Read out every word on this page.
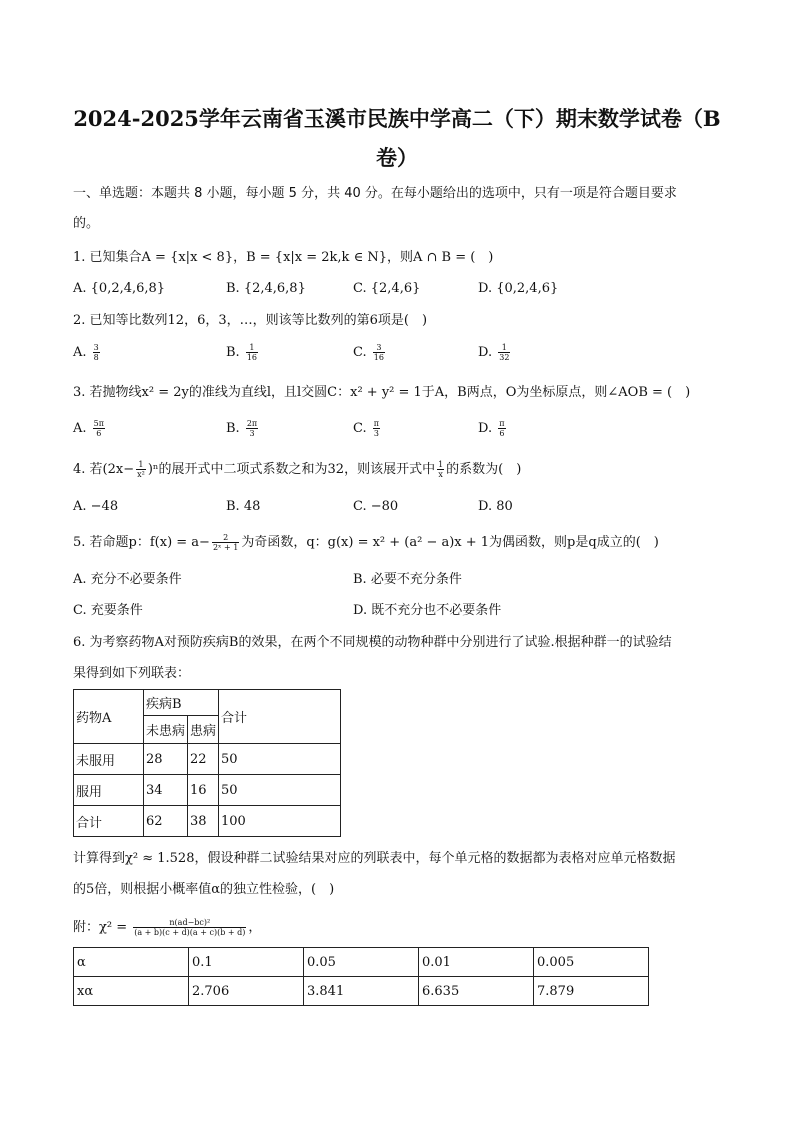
2024-2025学年云南省玉溪市民族中学高二（下）期末数学试卷（B
卷）
一、单选题：本题共 8 小题，每小题 5 分，共 40 分。在每小题给出的选项中，只有一项是符合题目要求
的。
1. 已知集合A = {x|x < 8}，B = {x|x = 2k,k ∈ N}，则A ∩ B = (　)
A. {0,2,4,6,8}	B. {2,4,6,8}	C. {2,4,6}	D. {0,2,4,6}
2. 已知等比数列12，6，3，…，则该等比数列的第6项是(　)
A. $\frac{3}{8}$	B. $\frac{1}{16}$	C. $\frac{3}{16}$	D. $\frac{1}{32}$
3. 若抛物线x² = 2y的准线为直线l，且l交圆C：x² + y² = 1于A，B两点，O为坐标原点，则∠AOB = (　)
A. $\frac{5\pi}{6}$	B. $\frac{2\pi}{3}$	C. $\frac{\pi}{3}$	D. $\frac{\pi}{6}$
4. 若$(2x- \frac{1}{\text{x²}} )^n$的展开式中二项式系数之和为32，则该展开式中 $\frac{1}{x}$ 的系数为(　)
A. −48	B. 48	C. −80	D. 80
5. 若命题p：$f(x) = a- \frac{2}{\text{2ˣ + 1}}$ 为奇函数，q：g(x) = x² + (a² − a)x + 1为偶函数，则p是q成立的(　)
A. 充分不必要条件	B. 必要不充分条件
C. 充要条件	D. 既不充分也不必要条件
6. 为考察药物A对预防疾病B的效果，在两个不同规模的动物种群中分别进行了试验.根据种群一的试验结
果得到如下列联表：
药物A	疾病B		合计
	未患病	患病	
未服用	28	22	50
服用	34	16	50
合计	62	38	100
计算得到χ² ≈ 1.528，假设种群二试验结果对应的列联表中，每个单元格的数据都为表格对应单元格数据
的5倍，则根据小概率值α的独立性检验，(　)
附：$\chi^2 = \frac{\text{n(ad−bc)²}}{(a + b)(c + d)(a + c)(b + d)}$ ，
α	0.1	0.05	0.01	0.005
xα	2.706	3.841	6.635	7.879
